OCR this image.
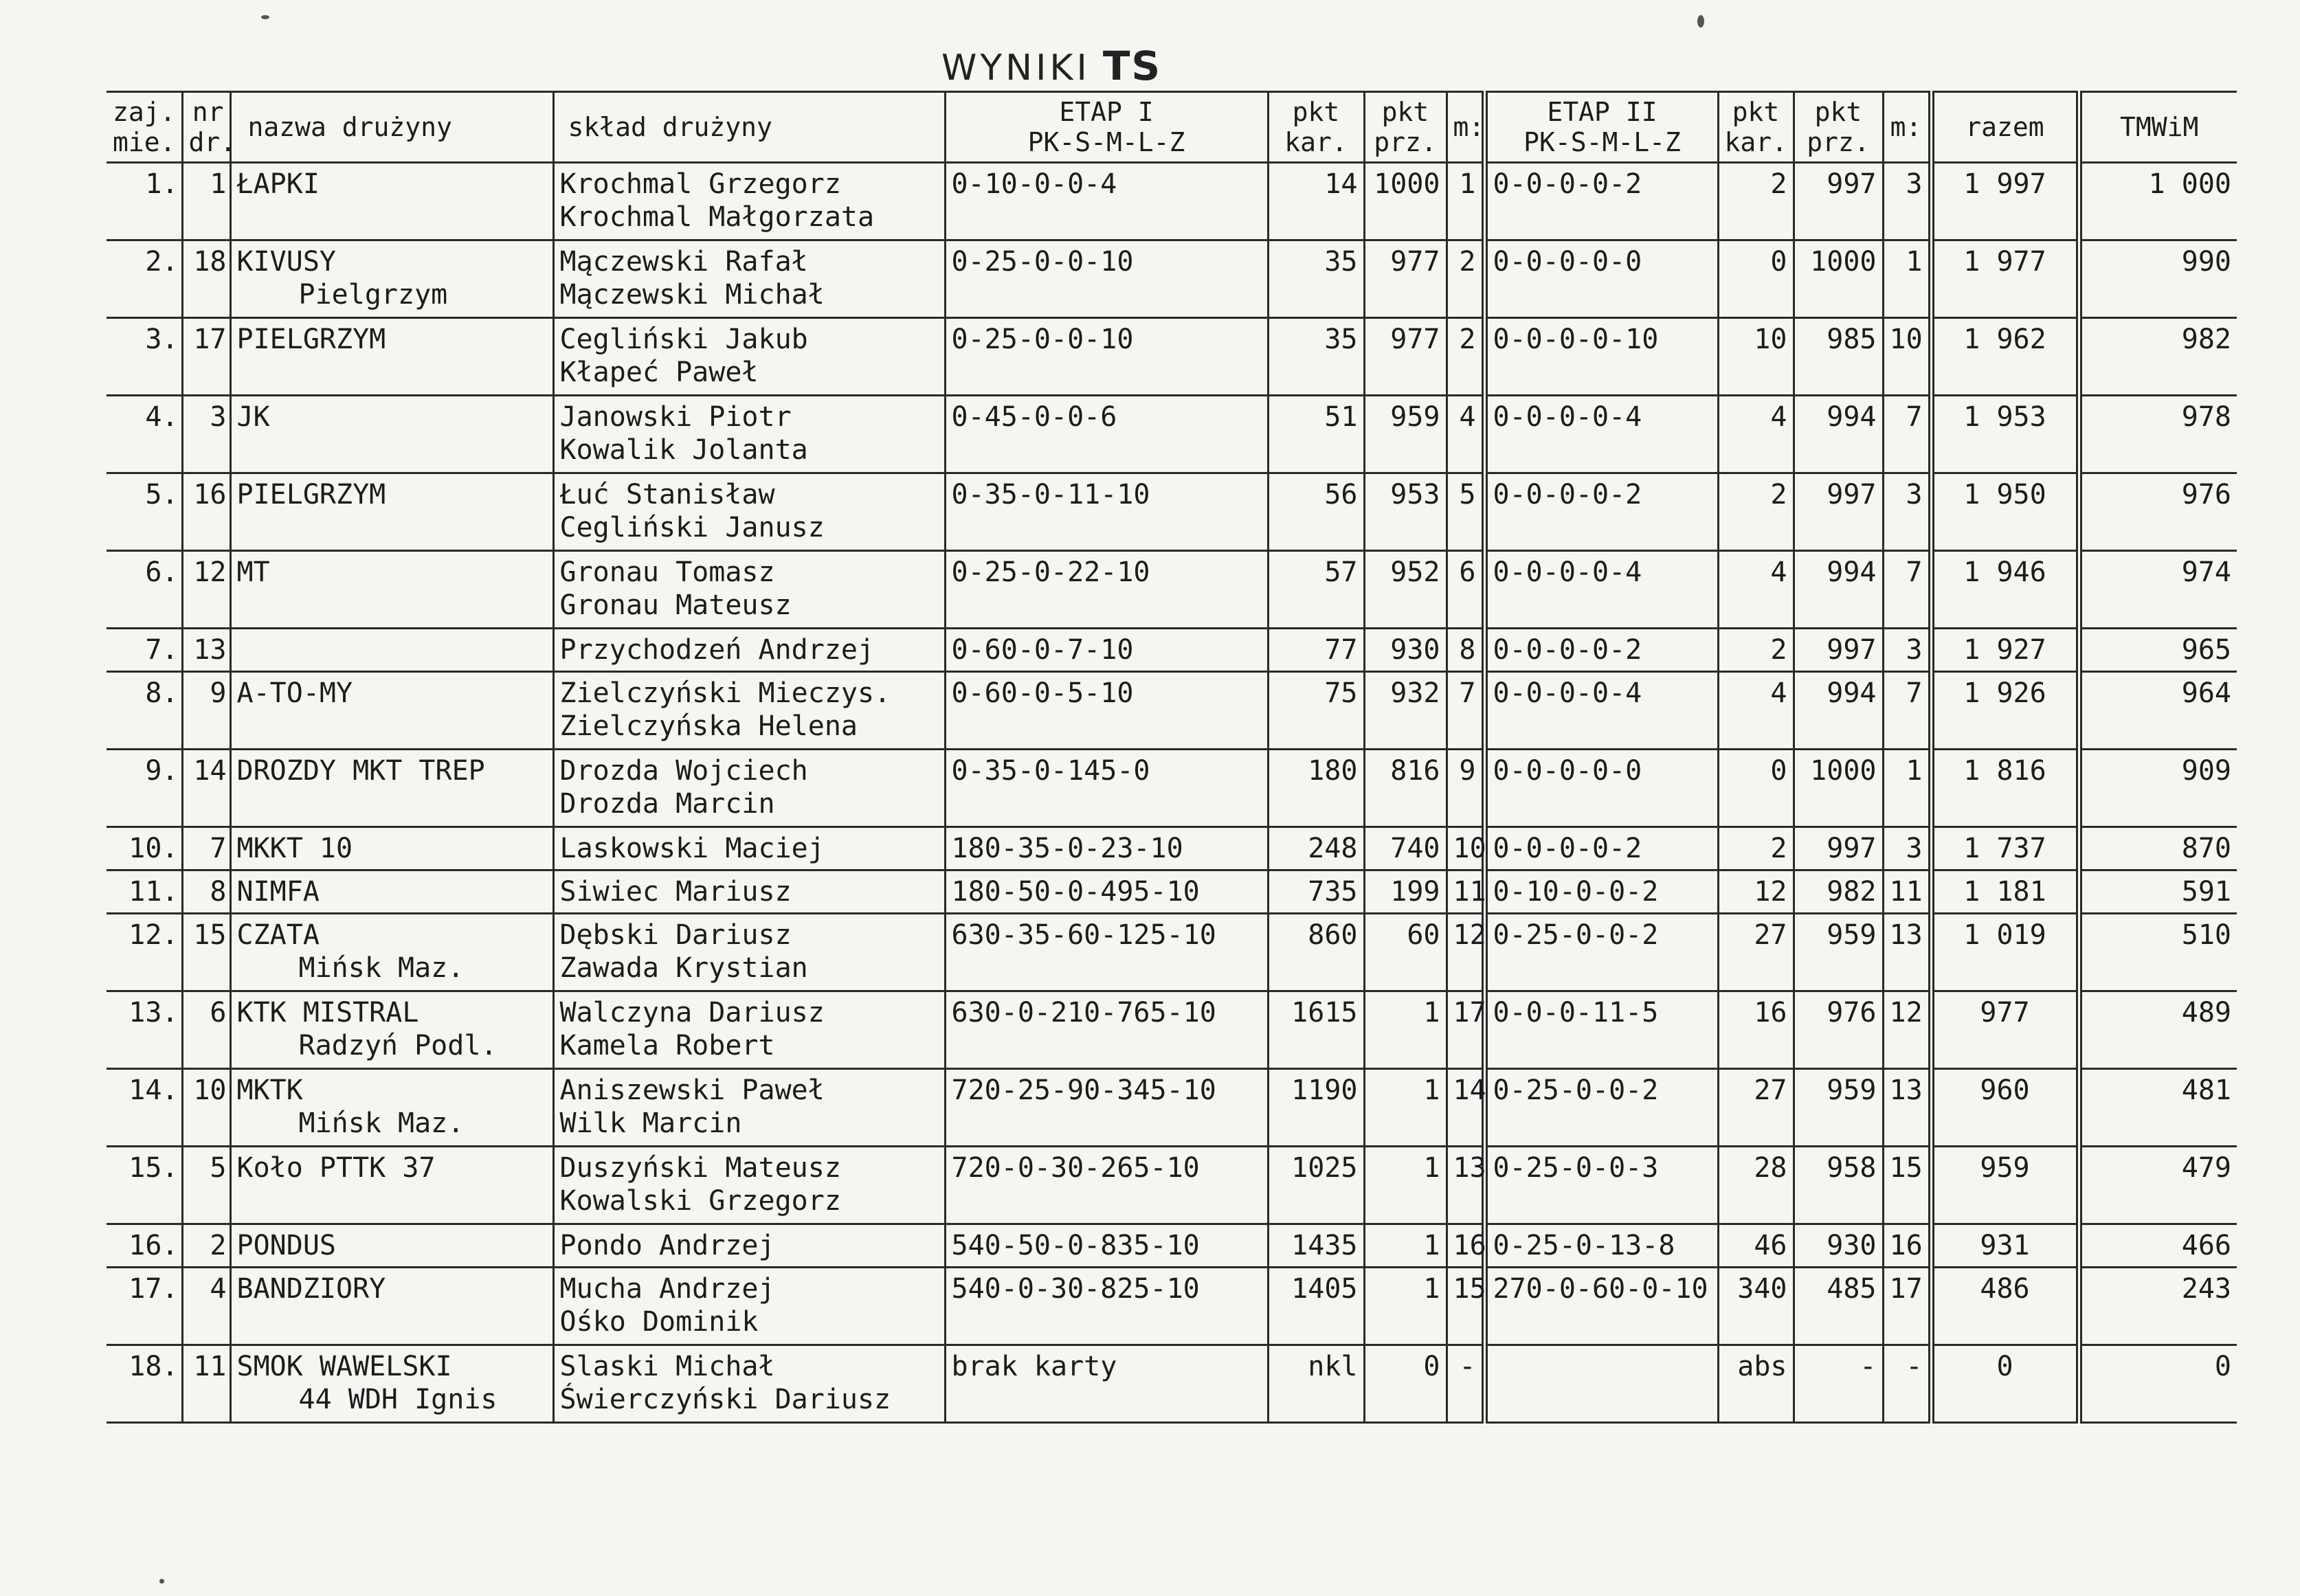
WYNIKI TS
zaj.
mie.	nr
dr.	nazwa drużyny	skład drużyny	ETAP I
PK-S-M-L-Z	pkt
kar.	pkt
prz.	m:	ETAP II
PK-S-M-L-Z	pkt
kar.	pkt
prz.	m:	razem	TMWiM
1.	1	ŁAPKI	Krochmal Grzegorz
Krochmal Małgorzata	0-10-0-0-4	14	1000	1	0-0-0-0-2	2	997	3	1 997	1 000
2.	18	KIVUSY
Pielgrzym	Mączewski Rafał
Mączewski Michał	0-25-0-0-10	35	977	2	0-0-0-0-0	0	1000	1	1 977	990
3.	17	PIELGRZYM	Cegliński Jakub
Kłapeć Paweł	0-25-0-0-10	35	977	2	0-0-0-0-10	10	985	10	1 962	982
4.	3	JK	Janowski Piotr
Kowalik Jolanta	0-45-0-0-6	51	959	4	0-0-0-0-4	4	994	7	1 953	978
5.	16	PIELGRZYM	Łuć Stanisław
Cegliński Janusz	0-35-0-11-10	56	953	5	0-0-0-0-2	2	997	3	1 950	976
6.	12	MT	Gronau Tomasz
Gronau Mateusz	0-25-0-22-10	57	952	6	0-0-0-0-4	4	994	7	1 946	974
7.	13		Przychodzeń Andrzej	0-60-0-7-10	77	930	8	0-0-0-0-2	2	997	3	1 927	965
8.	9	A-TO-MY	Zielczyński Mieczys.
Zielczyńska Helena	0-60-0-5-10	75	932	7	0-0-0-0-4	4	994	7	1 926	964
9.	14	DROZDY MKT TREP	Drozda Wojciech
Drozda Marcin	0-35-0-145-0	180	816	9	0-0-0-0-0	0	1000	1	1 816	909
10.	7	MKKT 10	Laskowski Maciej	180-35-0-23-10	248	740	10	0-0-0-0-2	2	997	3	1 737	870
11.	8	NIMFA	Siwiec Mariusz	180-50-0-495-10	735	199	11	0-10-0-0-2	12	982	11	1 181	591
12.	15	CZATA
Mińsk Maz.	Dębski Dariusz
Zawada Krystian	630-35-60-125-10	860	60	12	0-25-0-0-2	27	959	13	1 019	510
13.	6	KTK MISTRAL
Radzyń Podl.	Walczyna Dariusz
Kamela Robert	630-0-210-765-10	1615	1	17	0-0-0-11-5	16	976	12	977	489
14.	10	MKTK
Mińsk Maz.	Aniszewski Paweł
Wilk Marcin	720-25-90-345-10	1190	1	14	0-25-0-0-2	27	959	13	960	481
15.	5	Koło PTTK 37	Duszyński Mateusz
Kowalski Grzegorz	720-0-30-265-10	1025	1	13	0-25-0-0-3	28	958	15	959	479
16.	2	PONDUS	Pondo Andrzej	540-50-0-835-10	1435	1	16	0-25-0-13-8	46	930	16	931	466
17.	4	BANDZIORY	Mucha Andrzej
Ośko Dominik	540-0-30-825-10	1405	1	15	270-0-60-0-10	340	485	17	486	243
18.	11	SMOK WAWELSKI
44 WDH Ignis	Slaski Michał
Świerczyński Dariusz	brak karty	nkl	0	-		abs	-	-	0	0
